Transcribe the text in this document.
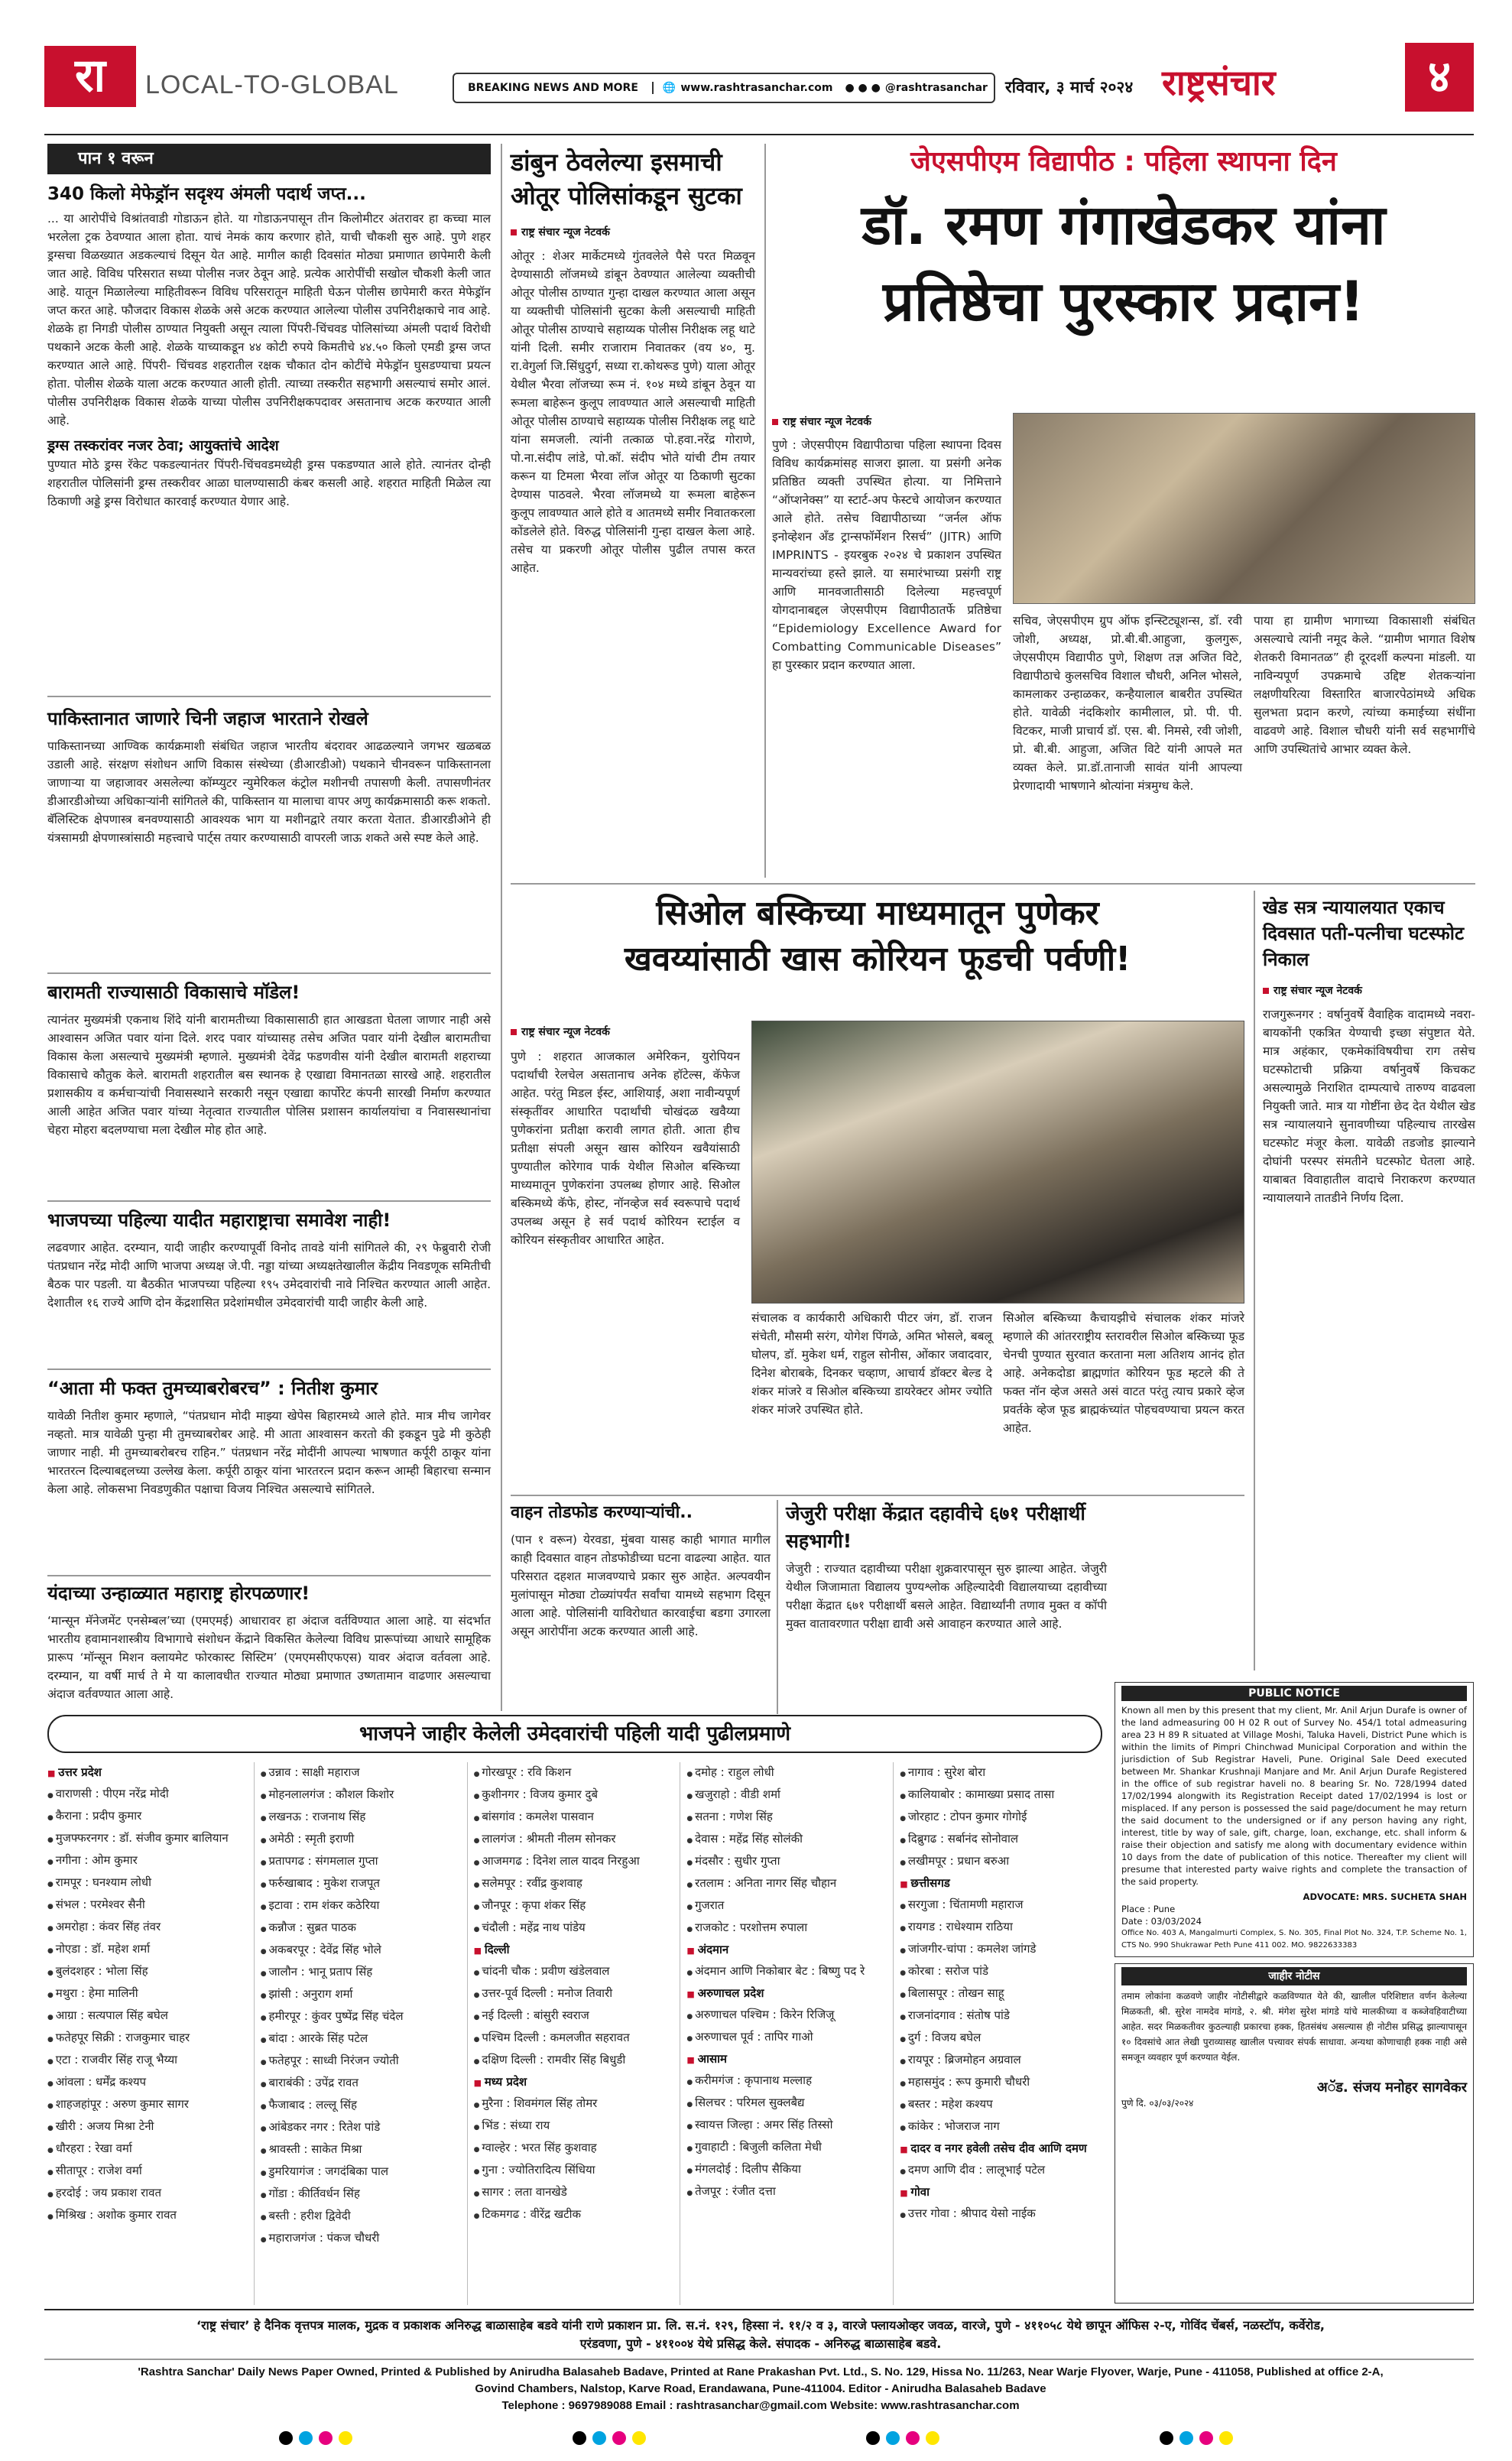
रा	LOCAL-TO-GLOBAL	BREAKING NEWS AND MORE	🌐 www.rashtrasanchar.com ● ● ● @rashtrasanchar रविवार, ३ मार्च २०२४ राष्ट्रसंचार	४
पान १ वरून
340 किलो मेफेड्रॉन सदृश्य अंमली पदार्थ जप्त...
... या आरोपींचे विश्रांतवाडी गोडाऊन होते. या गोडाऊनपासून तीन किलोमीटर अंतरावर हा कच्चा माल भरलेला ट्रक ठेवण्यात आला होता. याचं नेमकं काय करणार होते, याची चौकशी सुरु आहे. पुणे शहर ड्रग्सचा विळख्यात अडकल्याचं दिसून येत आहे. मागील काही दिवसांत मोठ्या प्रमाणात छापेमारी केली जात आहे. विविध परिसरात सध्या पोलीस नजर ठेवून आहे. प्रत्येक आरोपींची सखोल चौकशी केली जात आहे. यातून मिळालेल्या माहितीवरून विविध परिसरातून माहिती घेऊन पोलीस छापेमारी करत मेफेड्रॉन जप्त करत आहे. फौजदार विकास शेळके असे अटक करण्यात आलेल्या पोलीस उपनिरीक्षकाचे नाव आहे. शेळके हा निगडी पोलीस ठाण्यात नियुक्‍ती असून त्याला पिंपरी-चिंचवड पोलिसांच्या अंमली पदार्थ विरोधी पथकाने अटक केली आहे. शेळके याच्याकडून ४४ कोटी रुपये किमतीचे ४४.५० किलो एमडी ड्रग्स जप्त करण्यात आले आहे. पिंपरी- चिंचवड शहरातील रक्षक चौकात दोन कोटींचे मेफेड्रॉन घुसडण्याचा प्रयत्न होता. पोलीस शेळके याला अटक करण्यात आली होती. त्याच्या तस्करीत सहभागी असल्याचं समोर आलं. पोलीस उपनिरीक्षक विकास शेळके याच्या पोलीस उपनिरीक्षकपदावर असतानाच अटक करण्यात आली आहे.
ड्रग्स तस्करांवर नजर ठेवा; आयुक्तांचे आदेश
पुण्यात मोठे ड्रग्स रॅकेट पकडल्यानंतर पिंपरी-चिंचवडमध्येही ड्रग्स पकडण्यात आले होते. त्यानंतर दोन्ही शहरातील पोलिसांनी ड्रग्स तस्करीवर आळा घालण्यासाठी कंबर कसली आहे. शहरात माहिती मिळेल त्या ठिकाणी अड्डे ड्रग्स विरोधात कारवाई करण्यात येणार आहे.
पाकिस्तानात जाणारे चिनी जहाज भारताने रोखले
पाकिस्तानच्या आण्विक कार्यक्रमाशी संबंधित जहाज भारतीय बंदरावर आढळल्याने जगभर खळबळ उडाली आहे. संरक्षण संशोधन आणि विकास संस्थेच्या (डीआरडीओ) पथकाने चीनवरून पाकिस्तानला जाणाऱ्या या जहाजावर असलेल्या कॉम्प्युटर न्युमेरिकल कंट्रोल मशीनची तपासणी केली. तपासणीनंतर डीआरडीओच्या अधिकाऱ्यांनी सांगितले की, पाकिस्तान या मालाचा वापर अणु कार्यक्रमासाठी करू शकतो. बॅलिस्टिक क्षेपणास्त्र बनवण्यासाठी आवश्यक भाग या मशीनद्वारे तयार करता येतात. डीआरडीओने ही यंत्रसामग्री क्षेपणास्त्रांसाठी महत्त्वाचे पार्ट्स तयार करण्यासाठी वापरली जाऊ शकते असे स्पष्ट केले आहे.
बारामती राज्यासाठी विकासाचे मॉडेल!
त्यानंतर मुख्यमंत्री एकनाथ शिंदे यांनी बारामतीच्या विकासासाठी हात आखडता घेतला जाणार नाही असे आश्वासन अजित पवार यांना दिले. शरद पवार यांच्यासह तसेच अजित पवार यांनी देखील बारामतीचा विकास केला असल्याचे मुख्यमंत्री म्हणाले. मुख्यमंत्री देवेंद्र फडणवीस यांनी देखील बारामती शहराच्या विकासाचे कौतुक केले. बारामती शहरातील बस स्थानक हे एखाद्या विमानतळा सारखे आहे. शहरातील प्रशासकीय व कर्मचाऱ्यांची निवासस्थाने सरकारी नसून एखाद्या कार्पोरेट कंपनी सारखी निर्माण करण्यात आली आहेत अजित पवार यांच्या नेतृत्वात राज्यातील पोलिस प्रशासन कार्यालयांचा व निवासस्थानांचा चेहरा मोहरा बदलण्याचा मला देखील मोह होत आहे.
भाजपच्या पहिल्या यादीत महाराष्ट्राचा समावेश नाही!
लढवणार आहेत. दरम्यान, यादी जाहीर करण्यापूर्वी विनोद तावडे यांनी सांगितले की, २९ फेब्रुवारी रोजी पंतप्रधान नरेंद्र मोदी आणि भाजपा अध्यक्ष जे.पी. नड्डा यांच्या अध्यक्षतेखालील केंद्रीय निवडणूक समितीची बैठक पार पडली. या बैठकीत भाजपच्या पहिल्या १९५ उमेदवारांची नावे निश्चित करण्यात आली आहेत. देशातील १६ राज्ये आणि दोन केंद्रशासित प्रदेशांमधील उमेदवारांची यादी जाहीर केली आहे.
“आता मी फक्त तुमच्याबरोबरच” : नितीश कुमार
यावेळी नितीश कुमार म्हणाले, “पंतप्रधान मोदी माझ्या खेपेस बिहारमध्ये आले होते. मात्र मीच जागेवर नव्हतो. मात्र यावेळी पुन्हा मी तुमच्याबरोबर आहे. मी आता आश्वासन करतो की इकडून पुढे मी कुठेही जाणार नाही. मी तुमच्याबरोबरच राहिन.” पंतप्रधान नरेंद्र मोदींनी आपल्या भाषणात कर्पूरी ठाकूर यांना भारतरत्न दिल्याबद्दलच्या उल्लेख केला. कर्पूरी ठाकूर यांना भारतरत्न प्रदान करून आम्ही बिहारचा सन्मान केला आहे. लोकसभा निवडणुकीत पक्षाचा विजय निश्चित असल्याचे सांगितले.
यंदाच्या उन्हाळ्यात महाराष्ट्र होरपळणार!
‘मान्सून मॅनेजमेंट एनसेम्बल’च्या (एमएमई) आधारावर हा अंदाज वर्तविण्यात आला आहे. या संदर्भात भारतीय हवामानशास्त्रीय विभागाचे संशोधन केंद्राने विकसित केलेल्या विविध प्रारूपांच्या आधारे सामूहिक प्रारूप ‘मॉन्सून मिशन क्लायमेट फोरकास्ट सिस्टिम’ (एमएमसीएफएस) यावर अंदाज वर्तवला आहे. दरम्यान, या वर्षी मार्च ते मे या कालावधीत राज्यात मोठ्या प्रमाणात उष्णतामान वाढणार असल्याचा अंदाज वर्तवण्यात आला आहे.
डांबुन ठेवलेल्या इसमाची ओतूर पोलिसांकडून सुटका
राष्ट्र संचार न्यूज नेटवर्क
ओतूर : शेअर मार्केटमध्ये गुंतवलेले पैसे परत मिळवून देण्यासाठी लॉजमध्ये डांबून ठेवण्यात आलेल्या व्यक्तीची ओतूर पोलीस ठाण्यात गुन्हा दाखल करण्यात आला असून या व्यक्तीची पोलिसांनी सुटका केली असल्याची माहिती ओतूर पोलीस ठाण्याचे सहाय्यक पोलीस निरीक्षक लहू थाटे यांनी दिली. समीर राजाराम निवातकर (वय ४०, मु. रा.वेगुर्ला जि.सिंधुदुर्ग, सध्या रा.कोथरूड पुणे) याला ओतूर येथील भैरवा लॉजच्या रूम नं. १०४ मध्ये डांबून ठेवून या रूमला बाहेरून कुलूप लावण्यात आले असल्याची माहिती ओतूर पोलीस ठाण्याचे सहाय्यक पोलीस निरीक्षक लहू थाटे यांना समजली. त्यांनी तत्काळ पो.हवा.नरेंद्र गोराणे, पो.ना.संदीप लांडे, पो.कॉ. संदीप भोते यांची टीम तयार करून या टिमला भैरवा लॉज ओतूर या ठिकाणी सुटका देण्यास पाठवले. भैरवा लॉजमध्ये या रूमला बाहेरून कुलूप लावण्यात आले होते व आतमध्ये समीर निवातकरला कोंडलेले होते. विरुद्ध पोलिसांनी गुन्हा दाखल केला आहे. तसेच या प्रकरणी ओतूर पोलीस पुढील तपास करत आहेत.
जेएसपीएम विद्यापीठ : पहिला स्थापना दिन
डॉ. रमण गंगाखेडकर यांना
प्रतिष्ठेचा पुरस्कार प्रदान!
राष्ट्र संचार न्यूज नेटवर्क
पुणे : जेएसपीएम विद्यापीठाचा पहिला स्थापना दिवस विविध कार्यक्रमांसह साजरा झाला. या प्रसंगी अनेक प्रतिष्ठित व्यक्ती उपस्थित होत्या. या निमित्ताने “ऑप्शनेक्स” या स्टार्ट-अप फेस्टचे आयोजन करण्यात आले होते. तसेच विद्यापीठाच्या “जर्नल ऑफ इनोव्हेशन अँड ट्रान्सफॉर्मेशन रिसर्च” (JITR) आणि IMPRINTS - इयरबुक २०२४ चे प्रकाशन उपस्थित मान्यवरांच्या हस्ते झाले. या समारंभाच्या प्रसंगी राष्ट्र आणि मानवजातीसाठी दिलेल्या महत्त्वपूर्ण योगदानाबद्दल जेएसपीएम विद्यापीठातर्फे प्रतिष्ठेचा “Epidemiology Excellence Award for Combatting Communicable Diseases” हा पुरस्कार प्रदान करण्यात आला.
सचिव, जेएसपीएम ग्रुप ऑफ इन्स्टिट्यूशन्स, डॉ. रवी जोशी, अध्यक्ष, प्रो.बी.बी.आहुजा, कुलगुरू, जेएसपीएम विद्यापीठ पुणे, शिक्षण तज्ञ अजित विटे, विद्यापीठाचे कुलसचिव विशाल चौधरी, अनिल भोसले, कामलाकर उन्हाळकर, कन्हैयालाल बाबरीत उपस्थित होते. यावेळी नंदकिशोर कामीलाल, प्रो. पी. पी. विटकर, माजी प्राचार्य डॉ. एस. बी. निमसे, रवी जोशी, प्रो. बी.बी. आहुजा, अजित विटे यांनी आपले मत व्यक्त केले. प्रा.डॉ.तानाजी सावंत यांनी आपल्या प्रेरणादायी भाषणाने श्रोत्यांना मंत्रमुग्ध केले.
पाया हा ग्रामीण भागाच्या विकासाशी संबंधित असल्याचे त्यांनी नमूद केले. “ग्रामीण भागात विशेष शेतकरी विमानतळ” ही दूरदर्शी कल्पना मांडली. या नाविन्यपूर्ण उपक्रमाचे उद्दिष्ट शेतकऱ्यांना लक्षणीयरित्या विस्तारित बाजारपेठांमध्ये अधिक सुलभता प्रदान करणे, त्यांच्या कमाईच्या संधींना वाढवणे आहे. विशाल चौधरी यांनी सर्व सहभागींचे आणि उपस्थितांचे आभार व्यक्त केले.
सिओल बस्किच्या माध्यमातून पुणेकर
खवय्यांसाठी खास कोरियन फूडची पर्वणी!
राष्ट्र संचार न्यूज नेटवर्क
पुणे : शहरात आजकाल अमेरिकन, युरोपियन पदार्थांची रेलचेल असतानाच अनेक हॉटेल्स, कॅफेज आहेत. परंतु मिडल ईस्ट, आशियाई, अशा नावीन्यपूर्ण संस्कृतींवर आधारित पदार्थांची चोखंदळ खवैय्या पुणेकरांना प्रतीक्षा करावी लागत होती. आता हीच प्रतीक्षा संपली असून खास कोरियन खवैयांसाठी पुण्यातील कोरेगाव पार्क येथील सिओल बस्किच्या माध्यमातून पुणेकरांना उपलब्ध होणार आहे. सिओल बस्किमध्ये कॅफे, होस्ट, नॉनव्हेज सर्व स्वरूपाचे पदार्थ उपलब्ध असून हे सर्व पदार्थ कोरियन स्टाईल व कोरियन संस्कृतीवर आधारित आहेत.
संचालक व कार्यकारी अधिकारी पीटर जंग, डॉ. राजन संचेती, मौसमी सरंग, योगेश पिंगळे, अमित भोसले, बबलू घोलप, डॉ. मुकेश धर्म, राहुल सोनीस, ओंकार जवादवार, दिनेश बोराबके, दिनकर चव्हाण, आचार्य डॉक्टर बेल्ड दे शंकर मांजरे व सिओल बस्किच्या डायरेक्टर ओमर ज्योति शंकर मांजरे उपस्थित होते.
सिओल बस्किच्या कैचायझीचे संचालक शंकर मांजरे म्हणाले की आंतरराष्ट्रीय स्तरावरील सिओल बस्किच्या फूड चेनची पुण्यात सुरवात करताना मला अतिशय आनंद होत आहे. अनेकदोडा ब्राह्मणांत कोरियन फूड म्हटले की ते फक्त नॉन व्हेज असते असं वाटत परंतु त्याच प्रकारे व्हेज प्रवर्तके व्हेज फूड ब्राह्मकंच्यांत पोहचवण्याचा प्रयत्न करत आहेत.
खेड सत्र न्यायालयात एकाच दिवसात पती-पत्नीचा घटस्फोट निकाल
राष्ट्र संचार न्यूज नेटवर्क
राजगुरूनगर : वर्षानुवर्षे वैवाहिक वादामध्ये नवरा-बायकोंनी एकत्रित येण्याची इच्छा संपुष्टात येते. मात्र अहंकार, एकमेकांविषयीचा राग तसेच घटस्फोटाची प्रक्रिया वर्षानुवर्षे किचकट असल्यामुळे निराशित दाम्पत्याचे तारुण्य वाढवला नियुक्ती जाते. मात्र या गोष्टींना छेद देत येथील खेड सत्र न्यायालयाने सुनावणीच्या पहिल्याच तारखेस घटस्फोट मंजूर केला. यावेळी तडजोड झाल्याने दोघांनी परस्पर संमतीने घटस्फोट घेतला आहे. याबाबत विवाहातील वादाचे निराकरण करण्यात न्यायालयाने तातडीने निर्णय दिला.
वाहन तोडफोड करण्याऱ्यांची..
(पान १ वरून) येरवडा, मुंबवा यासह काही भागात मागील काही दिवसात वाहन तोडफोडीच्या घटना वाढल्या आहेत. यात परिसरात दहशत माजवण्याचे प्रकार सुरु आहेत. अल्पवयीन मुलांपासून मोठ्या टोळ्यांपर्यंत सर्वांचा यामध्ये सहभाग दिसून आला आहे. पोलिसांनी याविरोधात कारवाईचा बडगा उगारला असून आरोपींना अटक करण्यात आली आहे.
जेजुरी परीक्षा केंद्रात दहावीचे ६७१ परीक्षार्थी सहभागी!
जेजुरी : राज्यात दहावीच्या परीक्षा शुक्रवारपासून सुरु झाल्या आहेत. जेजुरी येथील जिजामाता विद्यालय पुण्यश्लोक अहिल्यादेवी विद्यालयाच्या दहावीच्या परीक्षा केंद्रात ६७१ परीक्षार्थी बसले आहेत. विद्यार्थ्यांनी तणाव मुक्त व कॉपी मुक्त वातावरणात परीक्षा द्यावी असे आवाहन करण्यात आले आहे.
PUBLIC NOTICE
Known all men by this present that my client, Mr. Anil Arjun Durafe is owner of the land admeasuring 00 H 02 R out of Survey No. 454/1 total admeasuring area 23 H 89 R situated at Village Moshi, Taluka Haveli, District Pune which is within the limits of Pimpri Chinchwad Municipal Corporation and within the jurisdiction of Sub Registrar Haveli, Pune. Original Sale Deed executed between Mr. Shankar Krushnaji Manjare and Mr. Anil Arjun Durafe Registered in the office of sub registrar haveli no. 8 bearing Sr. No. 728/1994 dated 17/02/1994 alongwith its Registration Receipt dated 17/02/1994 is lost or misplaced. If any person is possessed the said page/document he may return the said document to the undersigned or if any person having any right, interest, title by way of sale, gift, charge, loan, exchange, etc. shall inform & raise their objection and satisfy me along with documentary evidence within 10 days from the date of publication of this notice. Thereafter my client will presume that interested party waive rights and complete the transaction of the said property.
ADVOCATE: MRS. SUCHETA SHAH
Place : Pune
Date : 03/03/2024
Office No. 403 A, Mangalmurti Complex, S. No. 305, Final Plot No. 324, T.P. Scheme No. 1, CTS No. 990 Shukrawar Peth Pune 411 002. MO. 9822633383
जाहीर नोटीस
तमाम लोकांना कळवणे जाहीर नोटीसीद्वारे कळविण्यात येते की, खालील परिशिष्टात वर्णन केलेल्या मिळकती, श्री. सुरेश नामदेव मांगडे, २. श्री. मंगेश सुरेश मांगडे यांचे मालकीच्या व कब्जेवहिवाटीच्या आहेत. सदर मिळकतीवर कुठल्याही प्रकारचा हक्क, हितसंबंध असल्यास ही नोटीस प्रसिद्ध झाल्यापासून १० दिवसांचे आत लेखी पुराव्यासह खालील पत्त्यावर संपर्क साधावा. अन्यथा कोणाचाही हक्क नाही असे समजून व्यवहार पूर्ण करण्यात येईल.
अॅड. संजय मनोहर सागवेकर
पुणे दि. ०३/०३/२०२४
भाजपने जाहीर केलेली उमेदवारांची पहिली यादी पुढीलप्रमाणे
■ उत्तर प्रदेश
● वाराणसी : पीएम नरेंद्र मोदी
● कैराना : प्रदीप कुमार
● मुजफ्फरनगर : डॉ. संजीव कुमार बालियान
● नगीना : ओम कुमार
● रामपूर : घनश्याम लोधी
● संभल : परमेश्वर सैनी
● अमरोहा : कंवर सिंह तंवर
● नोएडा : डॉ. महेश शर्मा
● बुलंदशहर : भोला सिंह
● मथुरा : हेमा मालिनी
● आग्रा : सत्यपाल सिंह बघेल
● फतेहपूर सिक्री : राजकुमार चाहर
● एटा : राजवीर सिंह राजू भैय्या
● आंवला : धर्मेंद्र कश्यप
● शाहजहांपूर : अरुण कुमार सागर
● खीरी : अजय मिश्रा टेनी
● धौरहरा : रेखा वर्मा
● सीतापूर : राजेश वर्मा
● हरदोई : जय प्रकाश रावत
● मिश्रिख : अशोक कुमार रावत
● उन्नाव : साक्षी महाराज
● मोहनलालगंज : कौशल किशोर
● लखनऊ : राजनाथ सिंह
● अमेठी : स्मृती इराणी
● प्रतापगढ : संगमलाल गुप्ता
● फर्रुखाबाद : मुकेश राजपूत
● इटावा : राम शंकर कठेरिया
● कन्नौज : सुब्रत पाठक
● अकबरपूर : देवेंद्र सिंह भोले
● जालौन : भानू प्रताप सिंह
● झांसी : अनुराग शर्मा
● हमीरपूर : कुंवर पुष्पेंद्र सिंह चंदेल
● बांदा : आरके सिंह पटेल
● फतेहपूर : साध्वी निरंजन ज्योती
● बाराबंकी : उपेंद्र रावत
● फैजाबाद : लल्लू सिंह
● आंबेडकर नगर : रितेश पांडे
● श्रावस्ती : साकेत मिश्रा
● डुमरियागंज : जगदंबिका पाल
● गोंडा : कीर्तिवर्धन सिंह
● बस्ती : हरीश द्विवेदी
● महाराजगंज : पंकज चौधरी
● गोरखपूर : रवि किशन
● कुशीनगर : विजय कुमार दुबे
● बांसगांव : कमलेश पासवान
● लालगंज : श्रीमती नीलम सोनकर
● आजमगढ : दिनेश लाल यादव निरहुआ
● सलेमपूर : रवींद्र कुशवाह
● जौनपूर : कृपा शंकर सिंह
● चंदौली : महेंद्र नाथ पांडेय
■ दिल्ली
● चांदनी चौक : प्रवीण खंडेलवाल
● उत्तर-पूर्व दिल्ली : मनोज तिवारी
● नई दिल्ली : बांसुरी स्वराज
● पश्चिम दिल्ली : कमलजीत सहरावत
● दक्षिण दिल्ली : रामवीर सिंह बिधुडी
■ मध्य प्रदेश
● मुरैना : शिवमंगल सिंह तोमर
● भिंड : संध्या राय
● ग्वाल्हेर : भरत सिंह कुशवाह
● गुना : ज्योतिरादित्य सिंधिया
● सागर : लता वानखेडे
● टिकमगढ : वीरेंद्र खटीक
● दमोह : राहुल लोधी
● खजुराहो : वीडी शर्मा
● सतना : गणेश सिंह
● देवास : महेंद्र सिंह सोलंकी
● मंदसौर : सुधीर गुप्ता
● रतलाम : अनिता नागर सिंह चौहान
● गुजरात
● राजकोट : परशोत्तम रुपाला
■ अंदमान
● अंदमान आणि निकोबार बेट : बिष्णु पद रे
■ अरुणाचल प्रदेश
● अरुणाचल पश्चिम : किरेन रिजिजू
● अरुणाचल पूर्व : तापिर गाओ
■ आसाम
● करीमगंज : कृपानाथ मल्लाह
● सिलचर : परिमल सुक्लबैद्य
● स्वायत्त जिल्हा : अमर सिंह तिस्सो
● गुवाहाटी : बिजुली कलिता मेधी
● मंगलदोई : दिलीप सैकिया
● तेजपूर : रंजीत दत्ता
● नागाव : सुरेश बोरा
● कालियाबोर : कामाख्या प्रसाद तासा
● जोरहाट : टोपन कुमार गोगोई
● दिब्रुगढ : सर्बानंद सोनोवाल
● लखीमपूर : प्रधान बरुआ
■ छत्तीसगड
● सरगुजा : चिंतामणी महाराज
● रायगड : राधेश्याम राठिया
● जांजगीर-चांपा : कमलेश जांगडे
● कोरबा : सरोज पांडे
● बिलासपूर : तोखन साहू
● राजनांदगाव : संतोष पांडे
● दुर्ग : विजय बघेल
● रायपूर : ब्रिजमोहन अग्रवाल
● महासमुंद : रूप कुमारी चौधरी
● बस्तर : महेश कश्यप
● कांकेर : भोजराज नाग
■ दादर व नगर हवेली तसेच दीव आणि दमण
● दमण आणि दीव : लालूभाई पटेल
■ गोवा
● उत्तर गोवा : श्रीपाद येसो नाईक
‘राष्ट्र संचार’ हे दैनिक वृत्तपत्र मालक, मुद्रक व प्रकाशक अनिरुद्ध बाळासाहेब बडवे यांनी राणे प्रकाशन प्रा. लि. स.नं. १२९, हिस्सा नं. ११/२ व ३, वारजे फ्लायओव्हर जवळ, वारजे, पुणे - ४११०५८ येथे छापून ऑफिस २-ए, गोविंद चेंबर्स, नळस्टॉप, कर्वेरोड,
एरंडवणा, पुणे - ४११००४ येथे प्रसिद्ध केले. संपादक - अनिरुद्ध बाळासाहेब बडवे.
'Rashtra Sanchar' Daily News Paper Owned, Printed & Published by Anirudha Balasaheb Badave, Printed at Rane Prakashan Pvt. Ltd., S. No. 129, Hissa No. 11/263, Near Warje Flyover, Warje, Pune - 411058, Published at office 2-A,
Govind Chambers, Nalstop, Karve Road, Erandawana, Pune-411004. Editor - Anirudha Balasaheb Badave
Telephone : 9697989088 Email : rashtrasanchar@gmail.com Website: www.rashtrasanchar.com
